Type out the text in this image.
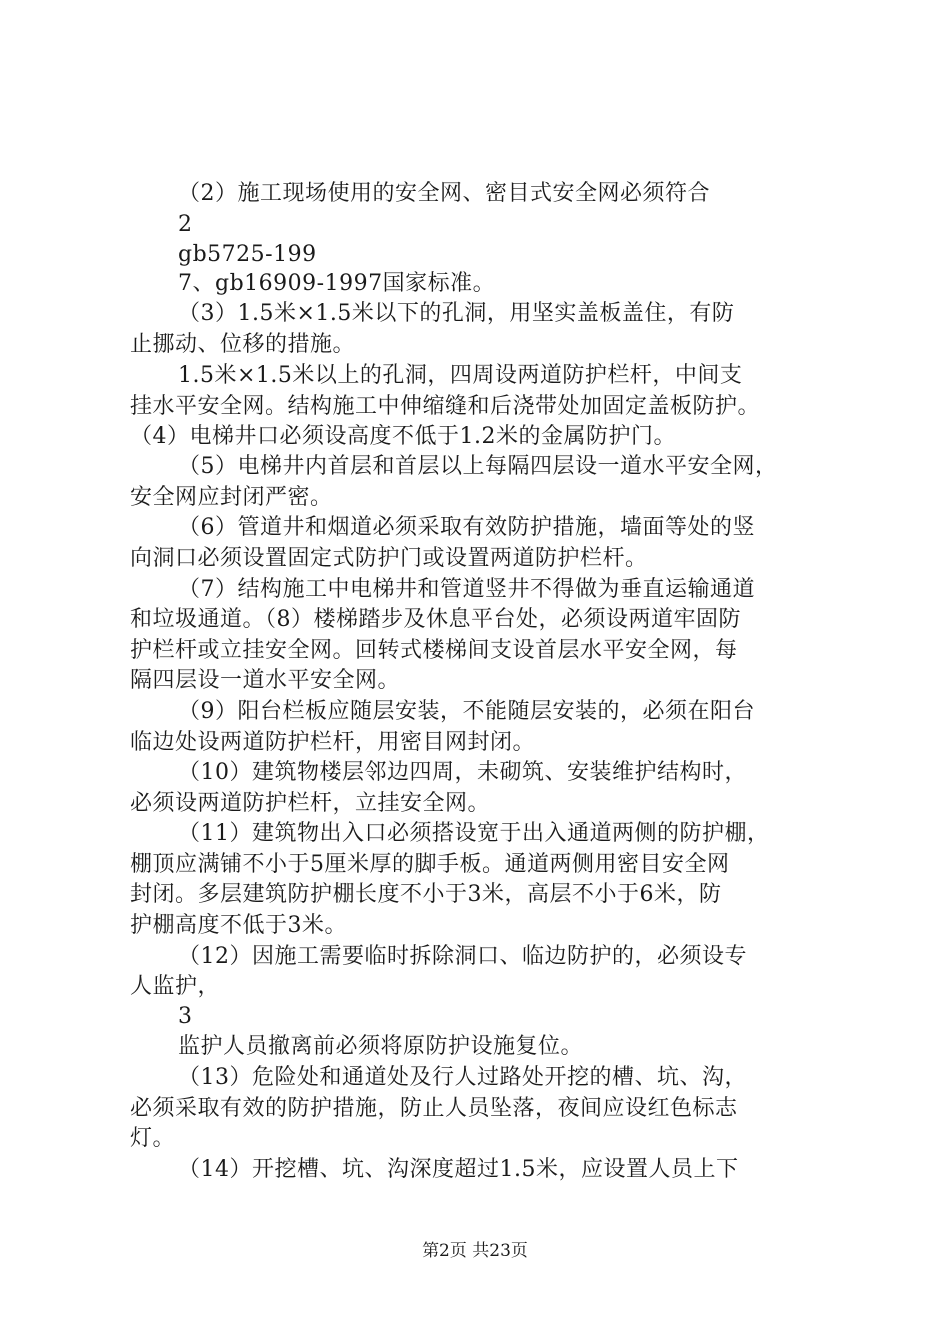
（2）施工现场使用的安全网、密目式安全网必须符合
2
gb5725-199
7、gb16909-1997国家标准。
（3）1.5米×1.5米以下的孔洞，用坚实盖板盖住，有防
止挪动、位移的措施。
1.5米×1.5米以上的孔洞，四周设两道防护栏杆，中间支
挂水平安全网。结构施工中伸缩缝和后浇带处加固定盖板防护。
（4）电梯井口必须设高度不低于1.2米的金属防护门。
（5）电梯井内首层和首层以上每隔四层设一道水平安全网，
安全网应封闭严密。
（6）管道井和烟道必须采取有效防护措施，墙面等处的竖
向洞口必须设置固定式防护门或设置两道防护栏杆。
（7）结构施工中电梯井和管道竖井不得做为垂直运输通道
和垃圾通道。（8）楼梯踏步及休息平台处，必须设两道牢固防
护栏杆或立挂安全网。回转式楼梯间支设首层水平安全网，每
隔四层设一道水平安全网。
（9）阳台栏板应随层安装，不能随层安装的，必须在阳台
临边处设两道防护栏杆，用密目网封闭。
（10）建筑物楼层邻边四周，未砌筑、安装维护结构时，
必须设两道防护栏杆，立挂安全网。
（11）建筑物出入口必须搭设宽于出入通道两侧的防护棚，
棚顶应满铺不小于5厘米厚的脚手板。通道两侧用密目安全网
封闭。多层建筑防护棚长度不小于3米，高层不小于6米，防
护棚高度不低于3米。
（12）因施工需要临时拆除洞口、临边防护的，必须设专
人监护，
3
监护人员撤离前必须将原防护设施复位。
（13）危险处和通道处及行人过路处开挖的槽、坑、沟，
必须采取有效的防护措施，防止人员坠落，夜间应设红色标志
灯。
（14）开挖槽、坑、沟深度超过1.5米，应设置人员上下
第2页 共23页
